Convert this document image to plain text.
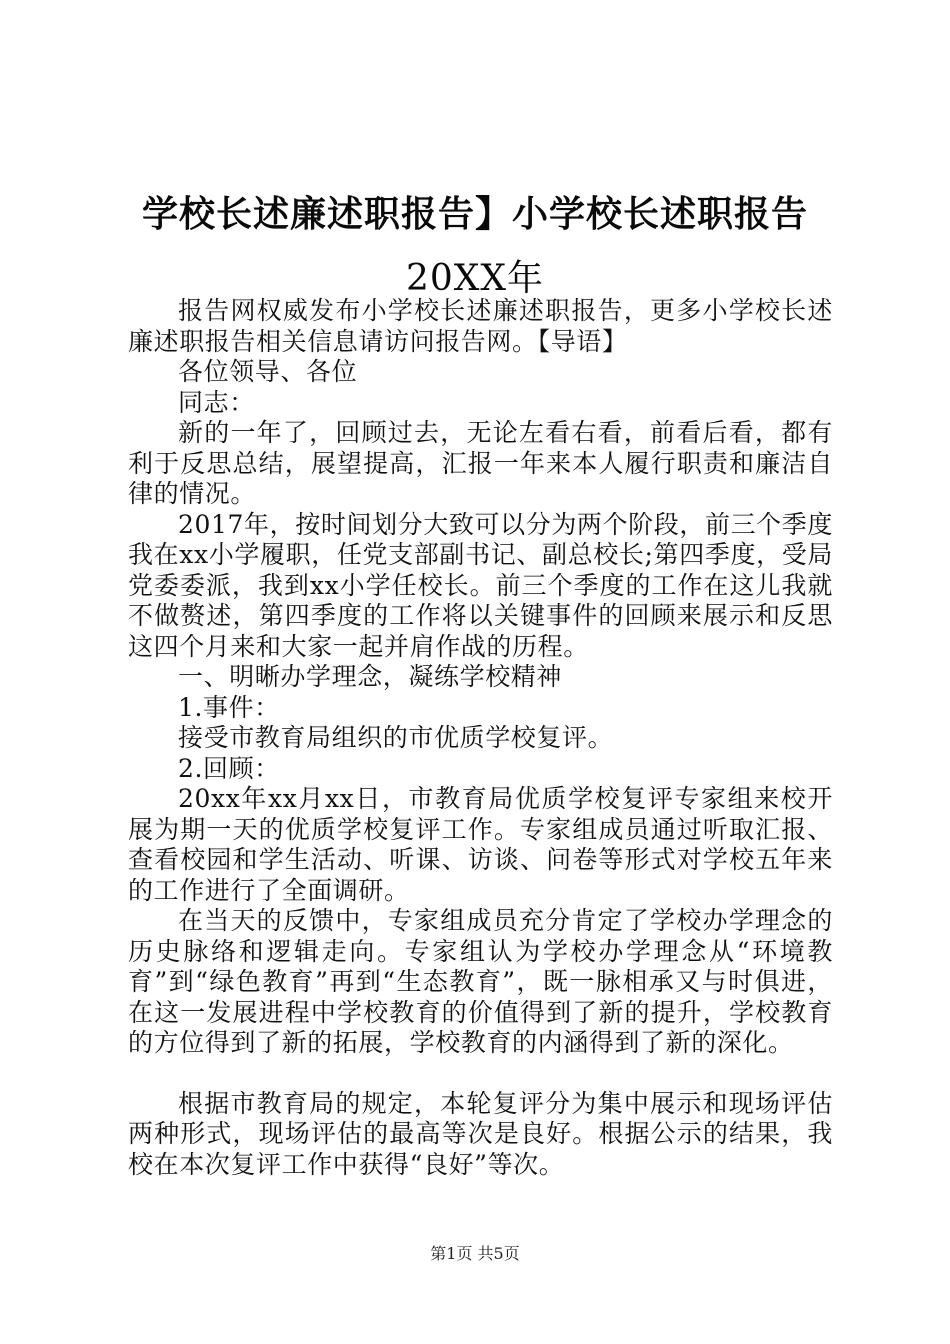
学校长述廉述职报告】小学校长述职报告
20XX年

报告网权威发布小学校长述廉述职报告，更多小学校长述廉述职报告相关信息请访问报告网。【导语】

各位领导、各位

同志：

新的一年了，回顾过去，无论左看右看，前看后看，都有利于反思总结，展望提高，汇报一年来本人履行职责和廉洁自律的情况。

2017年，按时间划分大致可以分为两个阶段，前三个季度我在xx小学履职，任党支部副书记、副总校长;第四季度，受局党委委派，我到xx小学任校长。前三个季度的工作在这儿我就不做赘述，第四季度的工作将以关键事件的回顾来展示和反思这四个月来和大家一起并肩作战的历程。

一、明晰办学理念，凝练学校精神

1.事件：

接受市教育局组织的市优质学校复评。

2.回顾：

20xx年xx月xx日，市教育局优质学校复评专家组来校开展为期一天的优质学校复评工作。专家组成员通过听取汇报、查看校园和学生活动、听课、访谈、问卷等形式对学校五年来的工作进行了全面调研。

在当天的反馈中，专家组成员充分肯定了学校办学理念的历史脉络和逻辑走向。专家组认为学校办学理念从“环境教育”到“绿色教育”再到“生态教育”，既一脉相承又与时俱进，在这一发展进程中学校教育的价值得到了新的提升，学校教育的方位得到了新的拓展，学校教育的内涵得到了新的深化。

根据市教育局的规定，本轮复评分为集中展示和现场评估两种形式，现场评估的最高等次是良好。根据公示的结果，我校在本次复评工作中获得“良好”等次。

第1页 共5页
